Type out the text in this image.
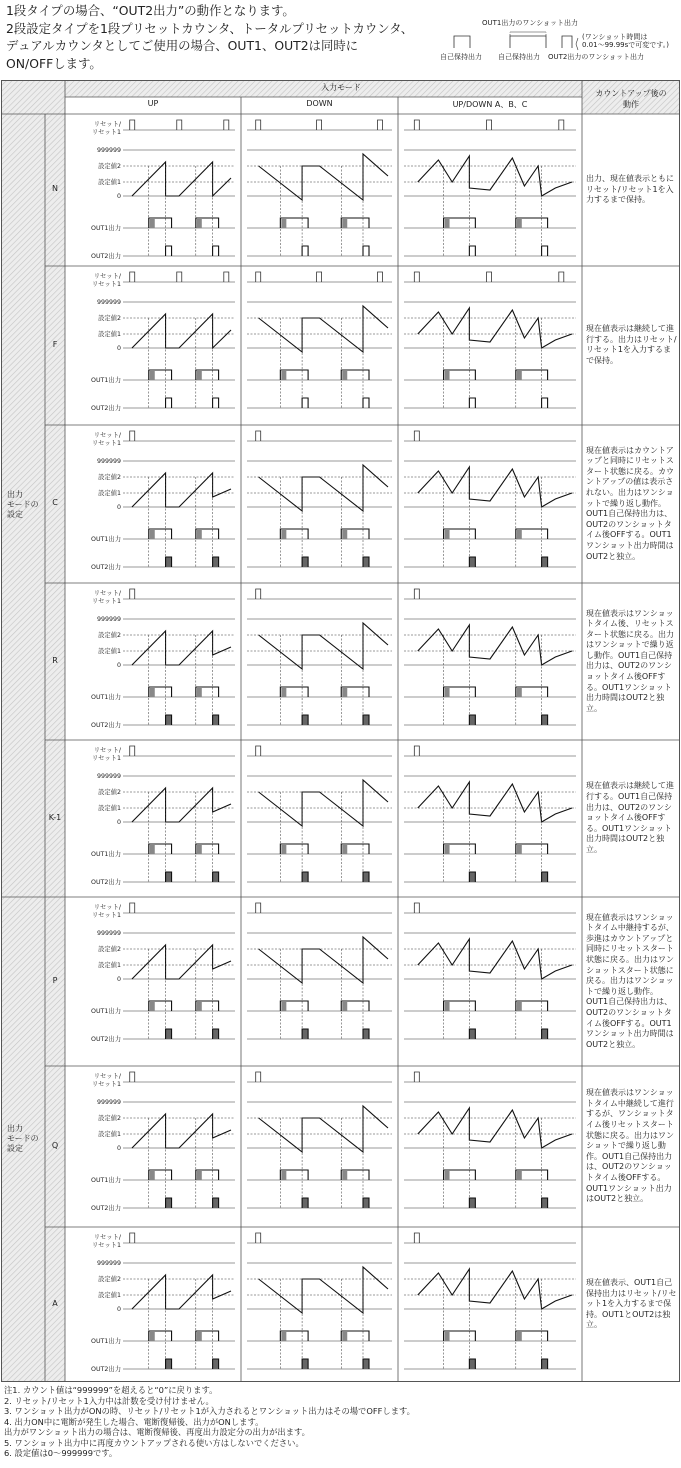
1段タイプの場合、“OUT2出力”の動作となります。
2段設定タイプを1段プリセットカウンタ、トータルプリセットカウンタ、
デュアルカウンタとしてご使用の場合、OUT1、OUT2は同時に
ON/OFFします。
OUT1出力のワンショット出力
自己保持出力 自己保持出力 OUT2出力のワンショット出力
(ワンショット時間は
0.01～99.99sで可変です。)
入力モード
UP	DOWN	UP/DOWN A、B、C
カウントアップ後の
動作
出力
モードの
設定
出力
モードの
設定
N
出力、現在値表示ともにリセット/リセット1を入力するまで保持。
F
現在値表示は継続して進行する。出力はリセット/リセット1を入力するまで保持。
C
現在値表示はカウントアップと同時にリセットスタート状態に戻る。カウントアップの値は表示されない。出力はワンショットで繰り返し動作。OUT1自己保持出力は、OUT2のワンショットタイム後OFFする。OUT1ワンショット出力時間はOUT2と独立。
R
現在値表示はワンショットタイム後、リセットスタート状態に戻る。出力はワンショットで繰り返し動作。OUT1自己保持出力は、OUT2のワンショットタイム後OFFする。OUT1ワンショット出力時間はOUT2と独立。
K-1
現在値表示は継続して進行する。OUT1自己保持出力は、OUT2のワンショットタイム後OFFする。OUT1ワンショット出力時間はOUT2と独立。
P
現在値表示はワンショットタイム中継持するが、歩進はカウントアップと同時にリセットスタート状態に戻る。出力はワンショットスタート状態に戻る。出力はワンショットで繰り返し動作。OUT1自己保持出力は、OUT2のワンショットタイム後OFFする。OUT1ワンショット出力時間はOUT2と独立。
Q
現在値表示はワンショットタイム中継続して進行するが、ワンショットタイム後リセットスタート状態に戻る。出力はワンショットで繰り返し動作。OUT1自己保持出力は、OUT2のワンショットタイム後OFFする。OUT1ワンショット出力はOUT2と独立。
A
現在値表示、OUT1自己保持出力はリセット/リセット1を入力するまで保持。OUT1とOUT2は独立。
リセット/
リセット1
999999
設定値2
設定値1
0
OUT1出力
OUT2出力
リセット/
リセット1
999999
設定値2
設定値1
0
OUT1出力
OUT2出力
リセット/
リセット1
999999
設定値2
設定値1
0
OUT1出力
OUT2出力
リセット/
リセット1
999999
設定値2
設定値1
0
OUT1出力
OUT2出力
リセット/
リセット1
999999
設定値2
設定値1
0
OUT1出力
OUT2出力
リセット/
リセット1
999999
設定値2
設定値1
0
OUT1出力
OUT2出力
リセット/
リセット1
999999
設定値2
設定値1
0
OUT1出力
OUT2出力
リセット/
リセット1
999999
設定値2
設定値1
0
OUT1出力
OUT2出力
注1. カウント値は“999999”を超えると“0”に戻ります。
2. リセット/リセット1入力中は計数を受け付けません。
3. ワンショット出力がONの時、リセット/リセット1が入力されるとワンショット出力はその場でOFFします。
4. 出力ON中に電断が発生した場合、電断復帰後、出力がONします。
出力がワンショット出力の場合は、電断復帰後、再度出力設定分の出力が出ます。
5. ワンショット出力中に再度カウントアップされる使い方はしないでください。
6. 設定値は0～999999です。
